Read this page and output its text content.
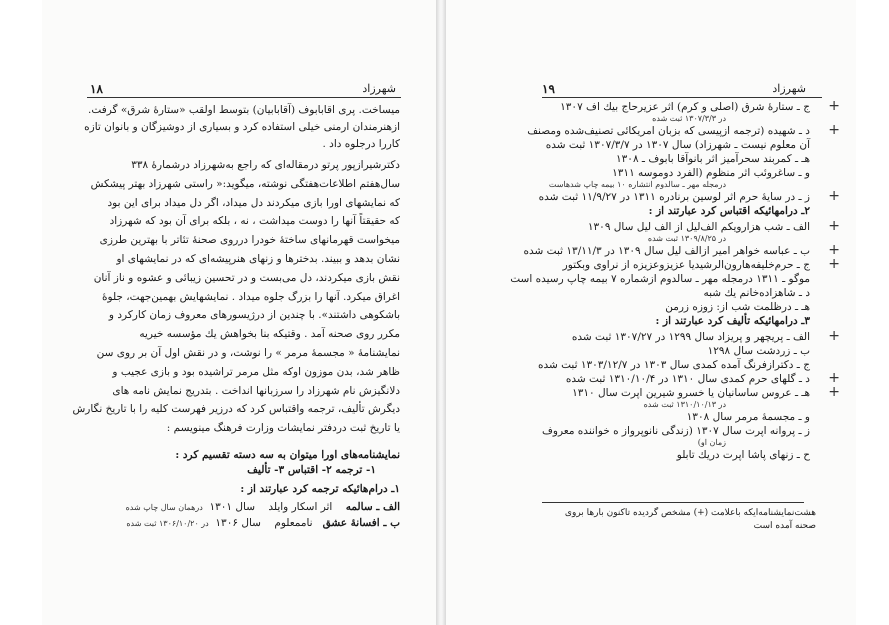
۱۸	شهرزاد
میساخت. پری اقابابوف (آقابابیان) بتوسط اولقب «ستارهٔ شرق» گرفت.
ازهنرمندان ارمنی خیلی استفاده کرد و بسیاری از دوشیزگان و بانوان تازه
کاررا درجلوه داد .
دکترشیرازپور پرتو درمقاله‌ای که راجع به‌شهرزاد درشمارهٔ ۳۳۸
سال‌هفتم اطلاعات‌هفتگی نوشته، میگوید:« راستی شهرزاد بهتر پیشکش
که نمایشهای اورا بازی میکردند دل میداد، اگر دل میداد برای این بود
که حقیقتاً آنها را دوست میداشت ، نه ، بلکه برای آن بود که شهرزاد
میخواست قهرمانهای ساختهٔ خودرا درروی صحنهٔ تئاتر با بهترین طرزی
نشان بدهد و ببیند. بدخترها و زنهای هنرپیشه‌ای که در نمایشهای او
نقش بازی میکردند، دل می‌بست و در تحسین زیبائی و عشوه و ناز آنان
اغراق میکرد. آنها را بزرگ جلوه میداد . نمایشهایش بهمین‌جهت، جلوهٔ
باشکوهی داشتند». با چندین از درژیسورهای معروف زمان کارکرد و
مکرر روی صحنه آمد . وقتیکه بنا بخواهش یك مؤسسه خیریه
نمایشنامهٔ « مجسمهٔ مرمر » را نوشت، و در نقش اول آن بر روی سن
ظاهر شد، بدن موزون اوکه مثل مرمر تراشیده بود و بازی عجیب و
دلانگیزش نام شهرزاد را سرزبانها انداخت . بتدریج نمایش نامه های
دیگرش تألیف، ترجمه واقتباس کرد که درزیر فهرست کلیه را با تاریخ نگارش
یا تاریخ ثبت دردفتر نمایشات وزارت فرهنگ مینویسم :
نمایشنامه‌های اورا میتوان به سه دسته تقسیم کرد :
۱- ترجمه ۲- اقتباس ۳- تألیف
۱ـ درام‌هائیکه ترجمه کرد عبارتند از :
الف ـ سالمه    اثر اسکار وایلد    سال ۱۳۰۱  درهمان سال چاپ شده
ب ـ افسانهٔ عشق   ناممعلوم    سال ۱۳۰۶  در ۱۳۰۶/۱۰/۲۰ ثبت شده
۱۹	شهرزاد
ج ـ ستارهٔ شرق (اصلی و کرم) اثر عزیرحاج بیك اف ۱۳۰۷ +
در ۱۳۰۷/۳/۳ ثبت شده
د ـ شهیده (ترجمه ازپیسی که بزبان امریکائی تصنیف‌شده ومصنف +
آن معلوم نیست ـ شهرزاد) سال ۱۳۰۷ در ۱۳۰۷/۳/۷ ثبت شده
هـ ـ کمربند سحرآمیز اثر بانوآقا بابوف ـ ۱۳۰۸
و ـ ساغروئب اثر منظوم (الفرد دوموسه ۱۳۱۱
درمجله مهر ـ سالدوم انتشاره ۱۰ بیمه چاپ شدهاست
ز ـ در سایهٔ حرم اثر لوسین برنادره ۱۳۱۱ در ۱۱/۹/۲۷ ثبت شده +
۲ـ درامهائیکه اقتباس کرد عبارتند از :
الف ـ شب هزارویکم الف‌لیل از الف لیل سال ۱۳۰۹ +
در ۱۳۰۹/۸/۲۵ ثبت شده
ب ـ عباسه خواهر امیر ازالف لیل سال ۱۳۰۹ در ۱۳/۱۱/۳ ثبت شده +
ج ـ حرم‌خلیفه‌هارون‌الرشیدیا عزیزوعزیزه از نراوی وبکتور +
موگو ـ ۱۳۱۱ درمجله مهر ـ سالدوم ازشماره ۷ بیمه چاپ رسیده است
د ـ شاهزاده‌خانم یك شبه
هـ ـ درظلمت شب از: زوزه زرمن
۳ـ درامهائیکه تألیف کرد عبارتند از :
الف ـ پریچهر و پریزاد سال ۱۲۹۹ در ۱۳۰۷/۲۷ ثبت شده +
ب ـ زردشت سال ۱۲۹۸
ج ـ دکترازفرنگ آمده کمدی سال ۱۳۰۳ در ۱۳۰۳/۱۲/۷ ثبت شده
د ـ گلهای حرم کمدی سال ۱۳۱۰ در ۱۳۱۰/۱۰/۴ ثبت شده +
هـ ـ عروس ساسانیان یا خسرو شیرین اپرت سال ۱۳۱۰ +
در ۱۳۱۰/۱۰/۱۳ ثبت شده
و ـ مجسمهٔ مرمر سال ۱۳۰۸
ز ـ پروانه اپرت سال ۱۳۰۷ (زندگی نانوپرواز ه خواننده معروف
زمان او)
ح ـ زنهای پاشا اپرت دریك تابلو
هشت‌نمایشنامه‌ایکه باعلامت (+) مشخص گردیده تاکنون بارها بروی
صحنه آمده است
